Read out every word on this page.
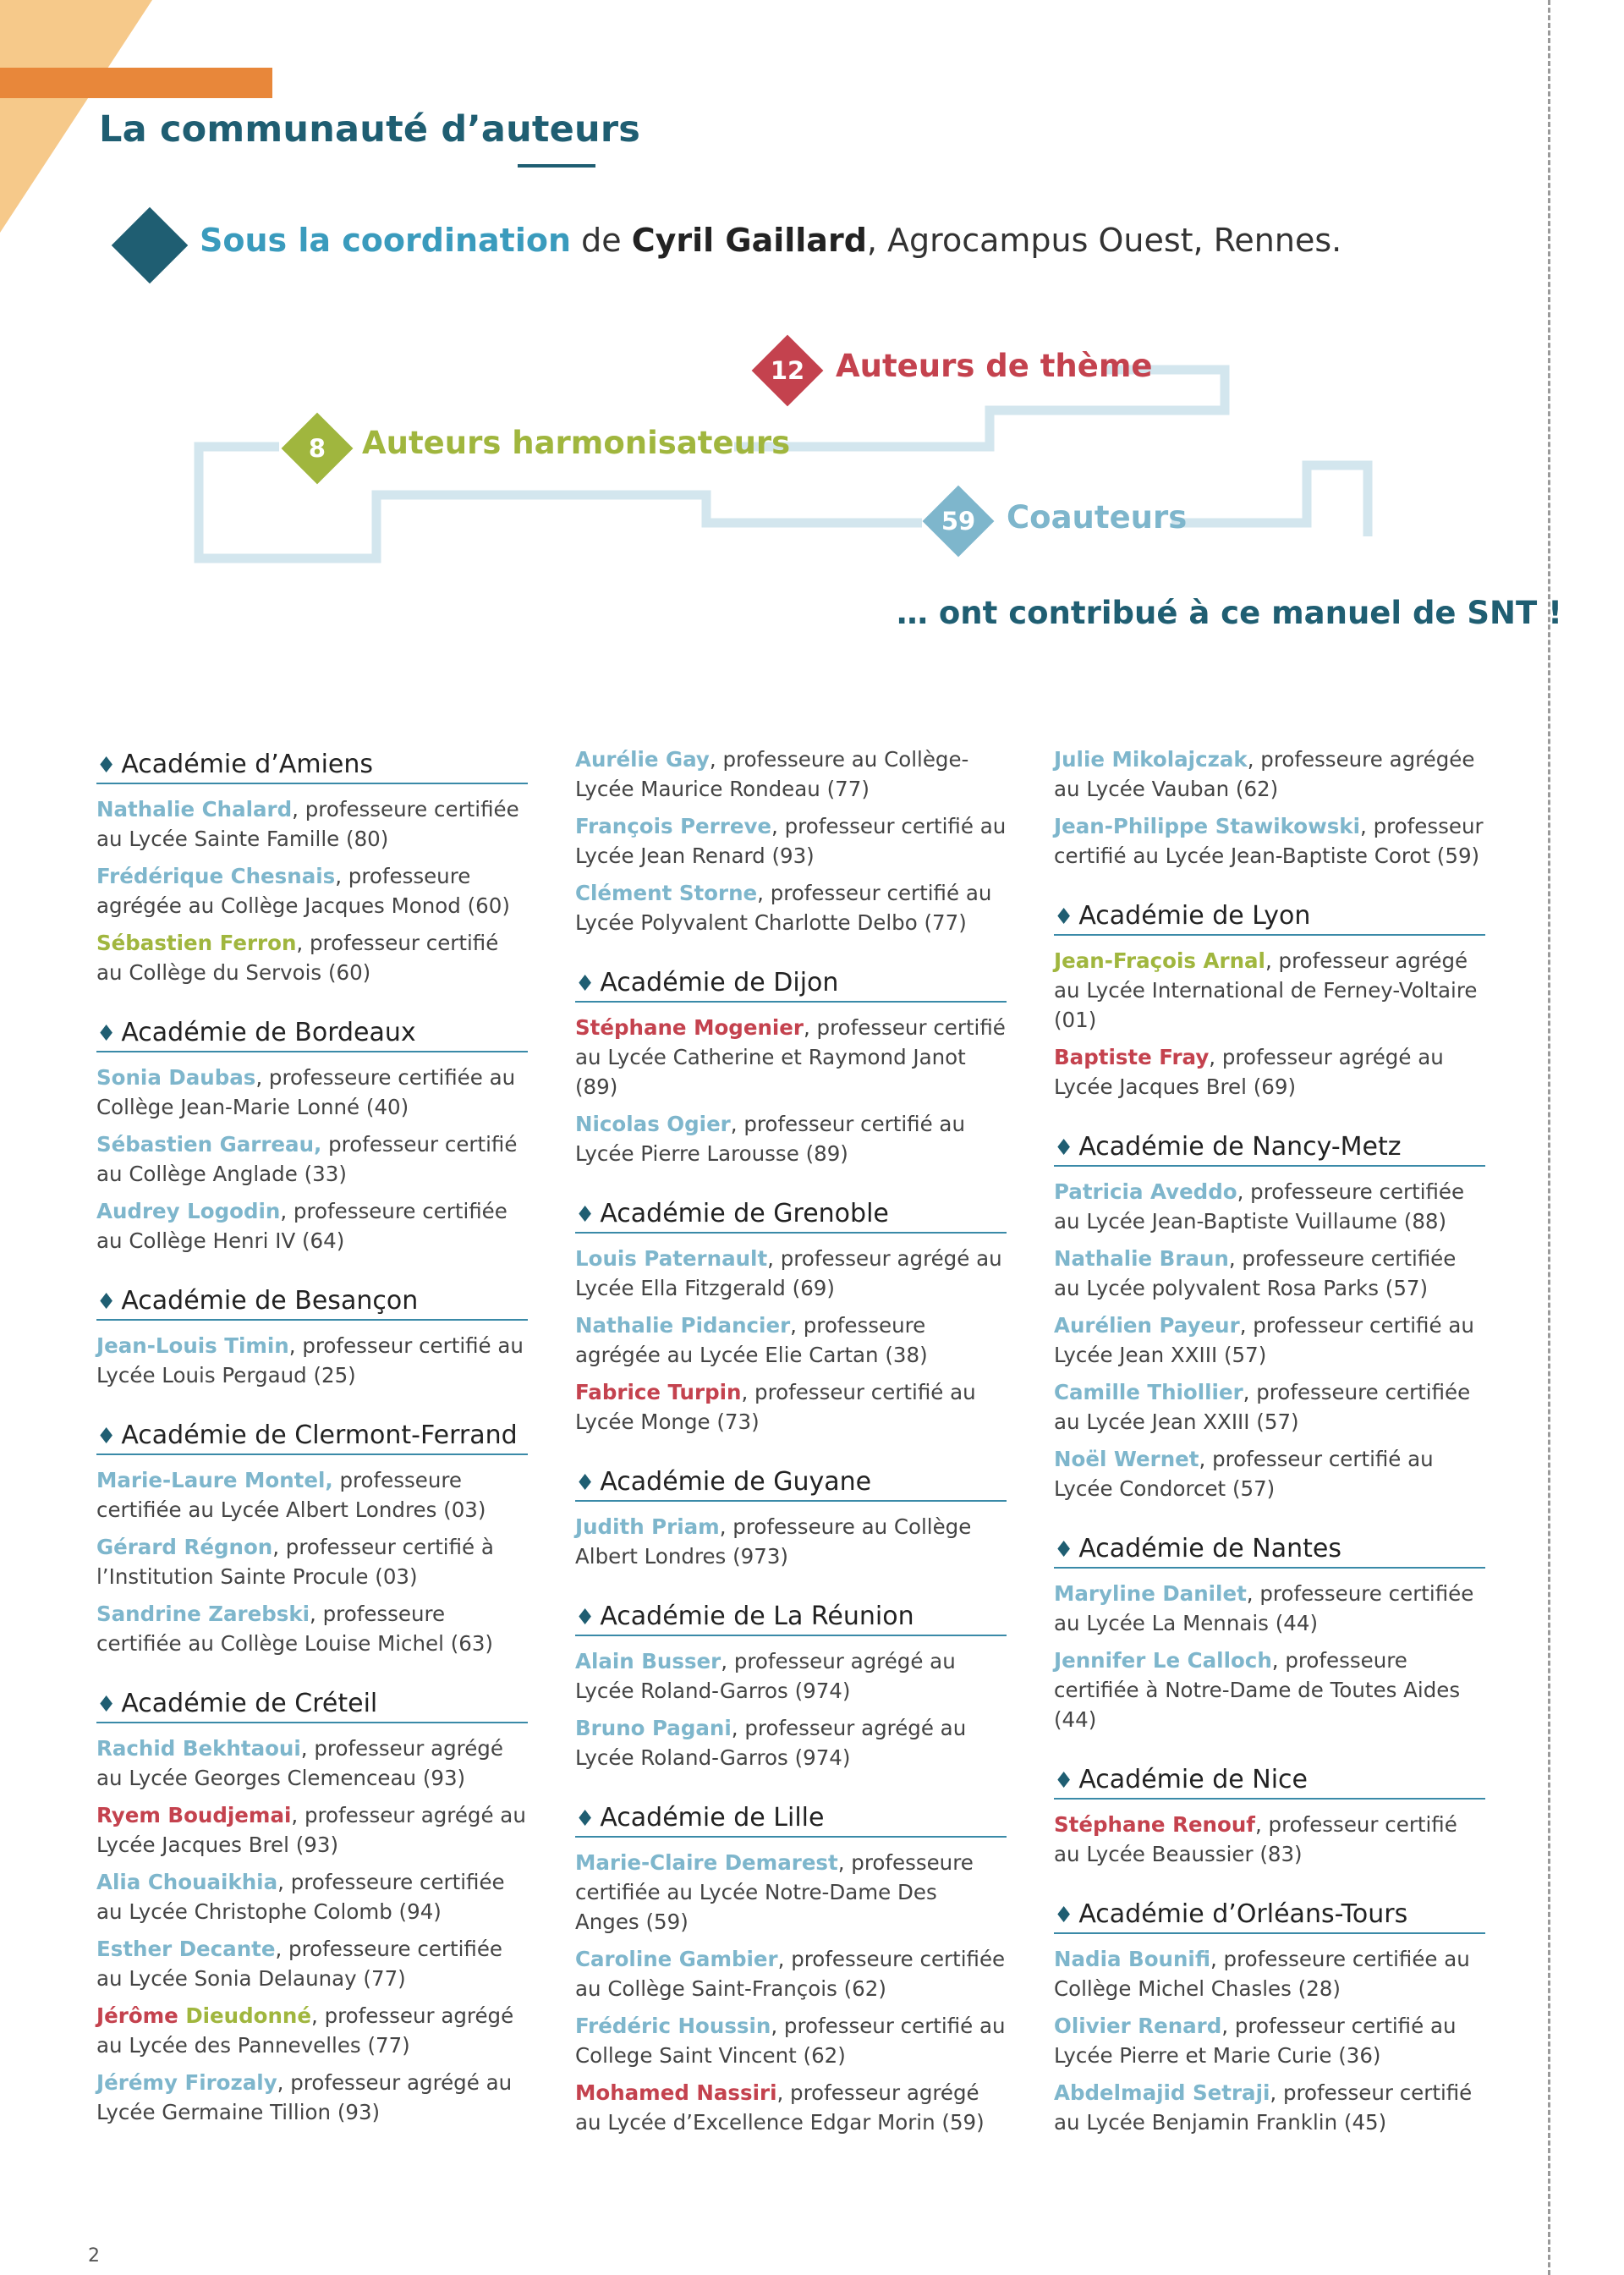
La communauté d’auteurs
Sous la coordination de Cyril Gaillard, Agrocampus Ouest, Rennes.
8	Auteurs harmonisateurs
12 Auteurs de thème
59 Coauteurs
… ont contribué à ce manuel de SNT !
♦ Académie d’Amiens
Nathalie Chalard, professeure certifiée au Lycée Sainte Famille (80)
Frédérique Chesnais, professeure agrégée au Collège Jacques Monod (60)
Sébastien Ferron, professeur certifié au Collège du Servois (60)
♦ Académie de Bordeaux
Sonia Daubas, professeure certifiée au Collège Jean-Marie Lonné (40)
Sébastien Garreau, professeur certifié au Collège Anglade (33)
Audrey Logodin, professeure certifiée au Collège Henri IV (64)
♦ Académie de Besançon
Jean-Louis Timin, professeur certifié au Lycée Louis Pergaud (25)
♦ Académie de Clermont-Ferrand
Marie-Laure Montel, professeure certifiée au Lycée Albert Londres (03)
Gérard Régnon, professeur certifié à l’Institution Sainte Procule (03)
Sandrine Zarebski, professeure certifiée au Collège Louise Michel (63)
♦ Académie de Créteil
Rachid Bekhtaoui, professeur agrégé au Lycée Georges Clemenceau (93)
Ryem Boudjemai, professeur agrégé au Lycée Jacques Brel (93)
Alia Chouaikhia, professeure certifiée au Lycée Christophe Colomb (94)
Esther Decante, professeure certifiée au Lycée Sonia Delaunay (77)
Jérôme Dieudonné, professeur agrégé au Lycée des Pannevelles (77)
Jérémy Firozaly, professeur agrégé au Lycée Germaine Tillion (93)
Aurélie Gay, professeure au Collège-Lycée Maurice Rondeau (77)
François Perreve, professeur certifié au Lycée Jean Renard (93)
Clément Storne, professeur certifié au Lycée Polyvalent Charlotte Delbo (77)
♦ Académie de Dijon
Stéphane Mogenier, professeur certifié au Lycée Catherine et Raymond Janot (89)
Nicolas Ogier, professeur certifié au Lycée Pierre Larousse (89)
♦ Académie de Grenoble
Louis Paternault, professeur agrégé au Lycée Ella Fitzgerald (69)
Nathalie Pidancier, professeure agrégée au Lycée Elie Cartan (38)
Fabrice Turpin, professeur certifié au Lycée Monge (73)
♦ Académie de Guyane
Judith Priam, professeure au Collège Albert Londres (973)
♦ Académie de La Réunion
Alain Busser, professeur agrégé au Lycée Roland-Garros (974)
Bruno Pagani, professeur agrégé au Lycée Roland-Garros (974)
♦ Académie de Lille
Marie-Claire Demarest, professeure certifiée au Lycée Notre-Dame Des Anges (59)
Caroline Gambier, professeure certifiée au Collège Saint-François (62)
Frédéric Houssin, professeur certifié au College Saint Vincent (62)
Mohamed Nassiri, professeur agrégé au Lycée d’Excellence Edgar Morin (59)
Julie Mikolajczak, professeure agrégée au Lycée Vauban (62)
Jean-Philippe Stawikowski, professeur certifié au Lycée Jean-Baptiste Corot (59)
♦ Académie de Lyon
Jean-Fraçois Arnal, professeur agrégé au Lycée International de Ferney-Voltaire (01)
Baptiste Fray, professeur agrégé au Lycée Jacques Brel (69)
♦ Académie de Nancy-Metz
Patricia Aveddo, professeure certifiée au Lycée Jean-Baptiste Vuillaume (88)
Nathalie Braun, professeure certifiée au Lycée polyvalent Rosa Parks (57)
Aurélien Payeur, professeur certifié au Lycée Jean XXIII (57)
Camille Thiollier, professeure certifiée au Lycée Jean XXIII (57)
Noël Wernet, professeur certifié au Lycée Condorcet (57)
♦ Académie de Nantes
Maryline Danilet, professeure certifiée au Lycée La Mennais (44)
Jennifer Le Calloch, professeure certifiée à Notre-Dame de Toutes Aides (44)
♦ Académie de Nice
Stéphane Renouf, professeur certifié au Lycée Beaussier (83)
♦ Académie d’Orléans-Tours
Nadia Bounifi, professeure certifiée au Collège Michel Chasles (28)
Olivier Renard, professeur certifié au Lycée Pierre et Marie Curie (36)
Abdelmajid Setraji, professeur certifié au Lycée Benjamin Franklin (45)
2
